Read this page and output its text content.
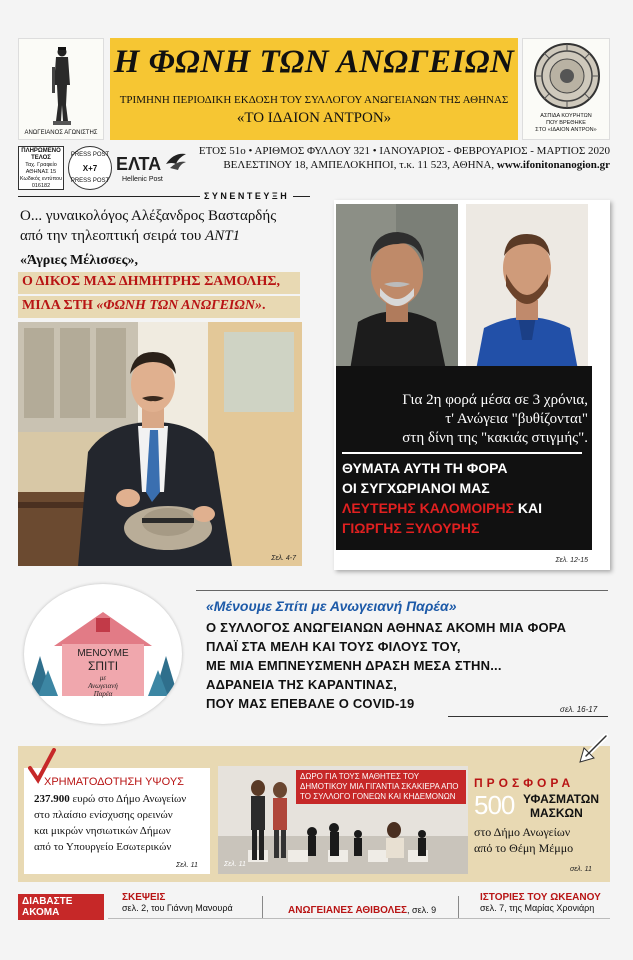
ΑΝΩΓΕΙΑΝΟΣ ΑΓΩΝΙΣΤΗΣ
Η ΦΩΝΗ ΤΩΝ ΑΝΩΓΕΙΩΝ
ΤΡΙΜΗΝΗ ΠΕΡΙΟΔΙΚΗ ΕΚΔΟΣΗ ΤΟΥ ΣΥΛΛΟΓΟΥ ΑΝΩΓΕΙΑΝΩΝ ΤΗΣ ΑΘΗΝΑΣ
«ΤΟ ΙΔΑΙΟΝ ΑΝΤΡΟΝ»	ΑΣΠΙΔΑ ΚΟΥΡΗΤΩΝ
ΠΟΥ ΒΡΕΘΗΚΕ
ΣΤΟ «ΙΔΑΙΟΝ ΑΝΤΡΟΝ»
ΠΛΗΡΩΜΕΝΟ
ΤΕΛΟΣ
Ταχ. Γραφείο
ΑΘΗΝΑΣ 15
Κωδικός εντύπου
016182
PRESS POST
X+7
PRESS POST
ΕΛΤΑ
Hellenic Post
ΕΤΟΣ 51ο • ΑΡΙΘΜΟΣ ΦΥΛΛΟΥ 321 • ΙΑΝΟΥΑΡΙΟΣ - ΦΕΒΡΟΥΑΡΙΟΣ - ΜΑΡΤΙΟΣ 2020
ΒΕΛΕΣΤΙΝΟΥ 18, ΑΜΠΕΛΟΚΗΠΟΙ, τ.κ. 11 523, ΑΘΗΝΑ, www.ifonitonanogion.gr
ΣΥΝΕΝΤΕΥΞΗ
Ο... γυναικολόγος Αλέξανδρος Βασταρδής
από την τηλεοπτική σειρά του ΑΝΤ1
«Άγριες Μέλισσες»,
Ο ΔΙΚΟΣ ΜΑΣ ΔΗΜΗΤΡΗΣ ΣΑΜΟΛΗΣ,
ΜΙΛΑ ΣΤΗ «ΦΩΝΗ ΤΩΝ ΑΝΩΓΕΙΩΝ».
Σελ. 4-7
Για 2η φορά μέσα σε 3 χρόνια,
τ' Ανώγεια "βυθίζονται"
στη δίνη της "κακιάς στιγμής".
ΘΥΜΑΤΑ ΑΥΤΗ ΤΗ ΦΟΡΑ
ΟΙ ΣΥΓΧΩΡΙΑΝΟΙ ΜΑΣ
ΛΕΥΤΕΡΗΣ ΚΑΛΟΜΟΙΡΗΣ ΚΑΙ
ΓΙΩΡΓΗΣ ΞΥΛΟΥΡΗΣ
Σελ. 12-15
ΜΕΝΟΥΜΕ
ΣΠΙΤΙ
με
Ανωγειανή
Παρέα
«Μένουμε Σπίτι με Ανωγειανή Παρέα»
Ο ΣΥΛΛΟΓΟΣ ΑΝΩΓΕΙΑΝΩΝ ΑΘΗΝΑΣ ΑΚΟΜΗ ΜΙΑ ΦΟΡΑ
ΠΛΑΪ ΣΤΑ ΜΕΛΗ ΚΑΙ ΤΟΥΣ ΦΙΛΟΥΣ ΤΟΥ,
ΜΕ ΜΙΑ ΕΜΠΝΕΥΣΜΕΝΗ ΔΡΑΣΗ ΜΕΣΑ ΣΤΗΝ...
ΑΔΡΑΝΕΙΑ ΤΗΣ ΚΑΡΑΝΤΙΝΑΣ,
ΠΟΥ ΜΑΣ ΕΠΕΒΑΛΕ Ο COVID-19	σελ. 16-17
ΧΡΗΜΑΤΟΔΟΤΗΣΗ ΥΨΟΥΣ
237.900 ευρώ στο Δήμο Ανωγείων
στο πλαίσιο ενίσχυσης ορεινών
και μικρών νησιωτικών Δήμων
από το Υπουργείο Εσωτερικών
Σελ. 11
ΔΩΡΟ ΓΙΑ ΤΟΥΣ ΜΑΘΗΤΕΣ ΤΟΥ ΔΗΜΟΤΙΚΟΥ ΜΙΑ ΓΙΓΑΝΤΙΑ ΣΚΑΚΙΕΡΑ ΑΠΟ ΤΟ ΣΥΛΛΟΓΟ ΓΟΝΕΩΝ ΚΑΙ ΚΗΔΕΜΟΝΩΝ
Σελ. 11
ΠΡΟΣΦΟΡΑ
500 ΥΦΑΣΜΑΤΩΝ
ΜΑΣΚΩΝ
στο Δήμο Ανωγείων
από το Θέμη Μέμμο
σελ. 11
ΔΙΑΒΑΣΤΕ
ΑΚΟΜΑ
ΣΚΕΨΕΙΣ
σελ. 2, του Γιάννη Μανουρά	ΑΝΩΓΕΙΑΝΕΣ ΑΘΙΒΟΛΕΣ, σελ. 9
ΙΣΤΟΡΙΕΣ ΤΟΥ ΩΚΕΑΝΟΥ
σελ. 7, της Μαρίας Χρονιάρη
